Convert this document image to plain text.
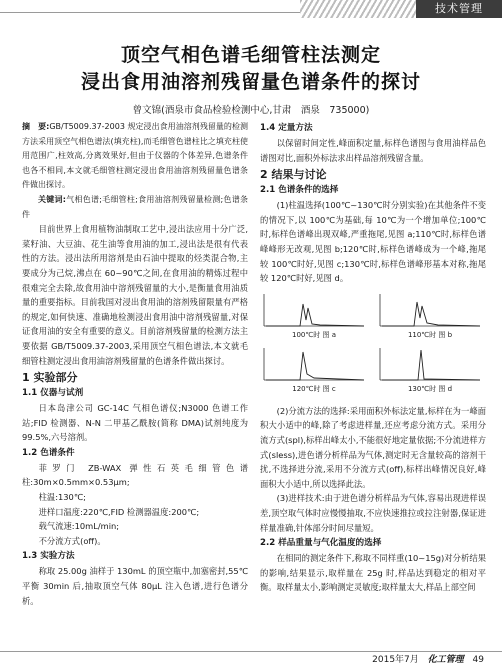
技术管理
顶空气相色谱毛细管柱法测定
浸出食用油溶剂残留量色谱条件的探讨
曾文锦(酒泉市食品检验检测中心,甘肃　酒泉　735000)

摘　要:GB/T5009.37-2003 规定浸出食用油溶剂残留量的检测方法采用顶空气相色谱法(填充柱),而毛细管色谱柱比之填充柱使用范围广,柱效高,分离效果好,但由于仪器的个体差异,色谱条件也各不相同,本文就毛细管柱测定浸出食用油溶剂残留量色谱条件做出探讨。

关键词:气相色谱;毛细管柱;食用油溶剂残留量检测;色谱条件

目前世界上食用植物油制取工艺中,浸出法应用十分广泛,菜籽油、大豆油、花生油等食用油的加工,浸出法是很有代表性的方法。浸出法所用溶剂是由石油中提取的烃类混合物,主要成分为己烷,沸点在 60~90℃之间,在食用油的精炼过程中很难完全去除,故食用油中溶剂残留量的大小,是衡量食用油质量的重要指标。目前我国对浸出食用油的溶剂残留限量有严格的规定,如何快速、准确地检测浸出食用油中溶剂残留量,对保证食用油的安全有重要的意义。目前溶剂残留量的检测方法主要依据 GB/T5009.37-2003,采用顶空气相色谱法,本文就毛细管柱测定浸出食用油溶剂残留量的色谱条件做出探讨。

1 实验部分
1.1 仪器与试剂

日本岛津公司 GC-14C 气相色谱仪;N3000 色谱工作站;FID 检测器、N-N 二甲基乙酰胺(简称 DMA)试剂纯度为 99.5%,六号溶剂。

1.2 色谱条件

菲罗门 ZB-WAX 弹性石英毛细管色谱柱:30m×0.5mm×0.53μm;

柱温:130℃;

进样口温度:220℃,FID 检测器温度:200℃;

载气流速:10mL/min;

不分流方式(off)。

1.3 实验方法

称取 25.00g 油样于 130mL 的顶空瓶中,加塞密封,55℃平衡 30min 后,抽取顶空气体 80μL 注入色谱,进行色谱分析。

1.4 定量方法

以保留时间定性,峰面积定量,标样色谱图与食用油样品色谱图对比,面积外标法求出样品溶剂残留含量。

2 结果与讨论
2.1 色谱条件的选择

(1)柱温选择(100℃~130℃时分别实验)在其他条件不变的情况下,以 100℃为基础,每 10℃为一个增加单位;100℃时,标样色谱峰出现双峰,严重拖尾,见图 a;110℃时,标样色谱峰峰形无改观,见图 b;120℃时,标样色谱峰成为一个峰,拖尾较 100℃时好,见图 c;130℃时,标样色谱峰形基本对称,拖尾较 120℃时好,见图 d。

100℃时 图 a	110℃时 图 b
120℃时 图 c	130℃时 图 d

(2)分流方法的选择:采用面积外标法定量,标样在为一峰面积大小适中的峰,除了考虑进样量,还应考虑分流方式。采用分流方式(spl),标样出峰太小,不能很好地定量依据;不分流进样方式(sless),进色谱分析样品为气体,测定时无含量较高的溶剂干扰,不选择进分流,采用不分流方式(off),标样出峰情况良好,峰面积大小适中,所以选择此法。

(3)进样技术:由于进色谱分析样品为气体,容易出现进样误差,顶空取气体时应慢慢抽取,不应快速推拉或拉注射器,保证进样量准确,针体部分时间尽量短。

2.2 样品重量与气化温度的选择

在相同的测定条件下,称取不同样重(10~15g)对分析结果的影响,结果显示,取样量在 25g 时,样品达到稳定的相对平衡。取样量太小,影响测定灵敏度;取样量太大,样品上部空间

2015年7月 化工管理 49
